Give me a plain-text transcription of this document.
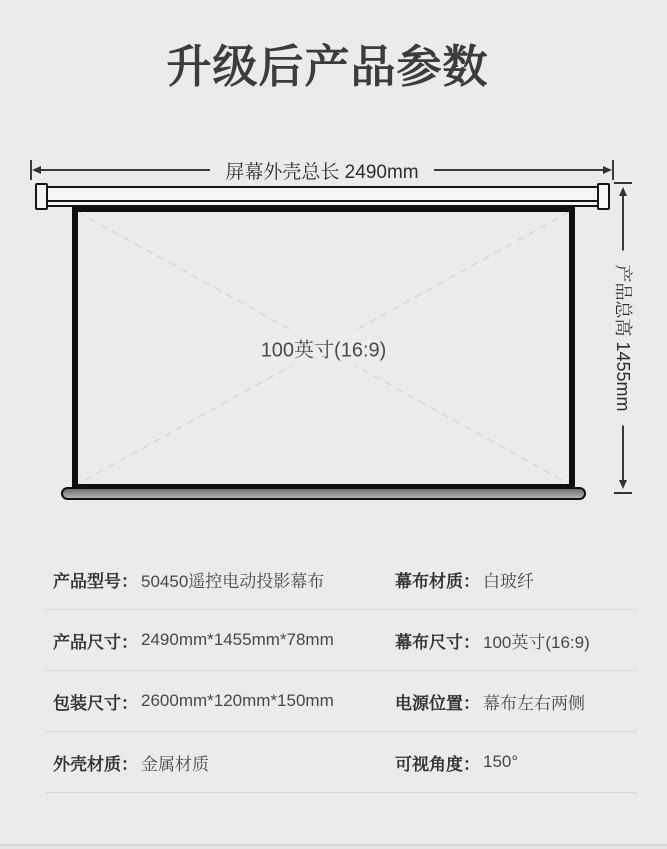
升级后产品参数
屏幕外壳总长 2490mm
100英寸(16:9)	产品总高 1455mm
产品型号： 50450遥控电动投影幕布	幕布材质： 白玻纤
产品尺寸： 2490mm*1455mm*78mm	幕布尺寸： 100英寸(16:9)
包装尺寸： 2600mm*120mm*150mm	电源位置： 幕布左右两侧
外壳材质： 金属材质	可视角度： 150°
